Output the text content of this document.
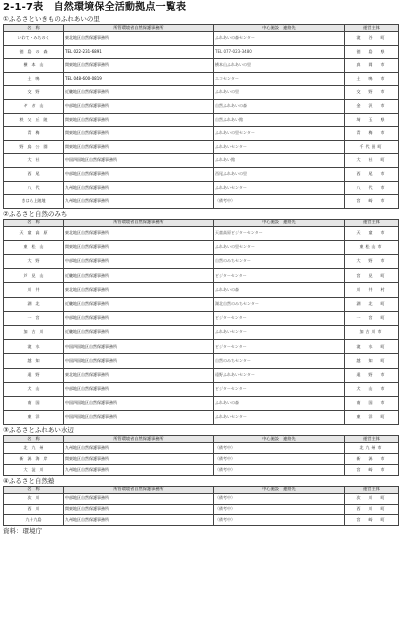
2-1-7表　自然環境保全活動拠点一覧表
①ふるさといきものふれあいの里
名　称	所管環境省自然保護事務所	中心施設　連絡先	運営主体
いわて・みちのく	東北地区自然保護事務所	ふれあいの森センター	滝　谷　町
徳　島　の　森	TEL 022-231-6891	TEL 077-023-3480	徳　島　県
横　本　山	関東地区自然保護事務所	横本山ふれあいの里	真　岡　市
土　鳴	TEL 048-600-0819	エコセンター	土　鳴　市
交　野	近畿地区自然保護事務所	ふれあいの里	交　野　市
ギ　ガ　山	中部地区自然保護事務所	自然ふれあいの森	金　沢　市
秩　父　丘　陵	関東地区自然保護事務所	自然ふれあい館	埼　玉　県
青　梅	関東地区自然保護事務所	ふれあいの里センター	青　梅　市
野　鳥　公　園	関東地区自然保護事務所	ふれあいセンター	千代田町
大　社	中国四国地区自然保護事務所	ふれあい館	大　社　町
西　尾	中部地区自然保護事務所	西尾ふれあいの里	西　尾　市
八　代	九州地区自然保護事務所	ふれあいセンター	八　代　市
きはら上陵地	九州地区自然保護事務所	（備考中）	宮　崎　市
②ふるさと自然のみち
名　称	所管環境省自然保護事務所	中心施設　連絡先	運営主体
天　童　高　原	東北地区自然保護事務所	天童高原ビジターセンター	天　童　市
東　松　山	関東地区自然保護事務所	ふれあいの里センター	東松山市
大　野	中部地区自然保護事務所	自然のみちセンター	大　野　市
芦　見　山	近畿地区自然保護事務所	ビジターセンター	宮　見　町
川　井	東北地区自然保護事務所	ふれあいの森	川　井　村
湖　北	近畿地区自然保護事務所	湖北自然のみちセンター	湖　北　町
一　宮	中部地区自然保護事務所	ビジターセンター	一　宮　町
加　古　川	近畿地区自然保護事務所	ふれあいセンター	加古川市
滝　水	中国四国地区自然保護事務所	ビジターセンター	滝　水　町
越　知	中国四国地区自然保護事務所	自然のみちセンター	越　知　町
遠　野	東北地区自然保護事務所	遠野ふれあいセンター	遠　野　市
犬　山	中部地区自然保護事務所	ビジターセンター	犬　山　市
南　国	中国四国地区自然保護事務所	ふれあいの森	南　国　市
東　洋	中国四国地区自然保護事務所	ふれあいセンター	東　洋　町
③ふるさとふれあい水辺
名　称	所管環境省自然保護事務所	中心施設　連絡先	運営主体
北　九　州	九州地区自然保護事務所	（備考中）	北九州市
新　潟　海　岸	関東地区自然保護事務所	（備考中）	新　潟　市
大　淀　川	九州地区自然保護事務所	（備考中）	宮　崎　市
④ふるさと自然塾
名　称	所管環境省自然保護事務所	中心施設　連絡先	運営主体
次　川	中部地区自然保護事務所	（備考中）	次　川　町
西　川	関東地区自然保護事務所	（備考中）	西　川　町
九十九島	九州地区自然保護事務所	（備考中）	宮　崎　町
資料：環境庁
